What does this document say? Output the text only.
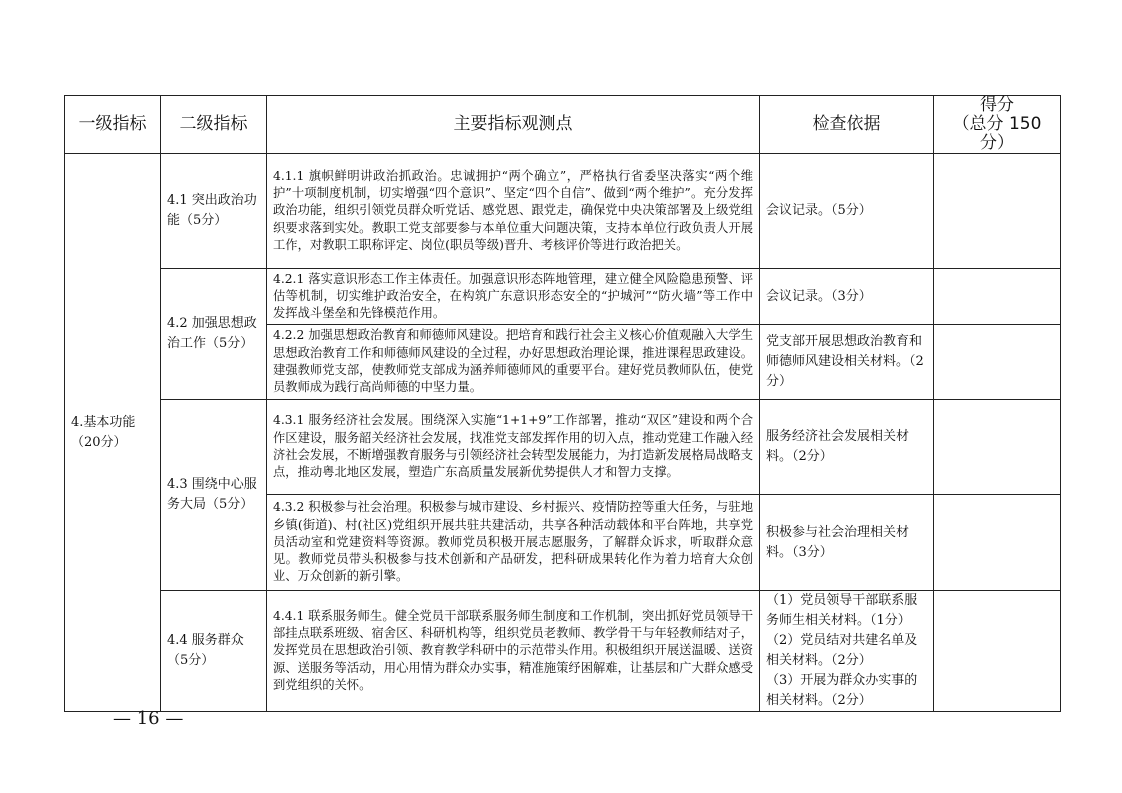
一级指标	二级指标	主要指标观测点	检查依据	得分
（总分 150 分）

4.基本功能（20分）	4.1 突出政治功能（5分）	4.1.1 旗帜鲜明讲政治抓政治。忠诚拥护“两个确立”，严格执行省委坚决落实“两个维护”十项制度机制，切实增强“四个意识”、坚定“四个自信”、做到“两个维护”。充分发挥政治功能，组织引领党员群众听党话、感党恩、跟党走，确保党中央决策部署及上级党组织要求落到实处。教职工党支部要参与本单位重大问题决策，支持本单位行政负责人开展工作，对教职工职称评定、岗位(职员等级)晋升、考核评价等进行政治把关。	会议记录。（5分）	

	4.2 加强思想政治工作（5分）	4.2.1 落实意识形态工作主体责任。加强意识形态阵地管理，建立健全风险隐患预警、评估等机制，切实维护政治安全，在构筑广东意识形态安全的“护城河”“防火墙”等工作中发挥战斗堡垒和先锋模范作用。	会议记录。（3分）	

		4.2.2 加强思想政治教育和师德师风建设。把培育和践行社会主义核心价值观融入大学生思想政治教育工作和师德师风建设的全过程，办好思想政治理论课，推进课程思政建设。建强教师党支部，使教师党支部成为涵养师德师风的重要平台。建好党员教师队伍，使党员教师成为践行高尚师德的中坚力量。	党支部开展思想政治教育和师德师风建设相关材料。（2分）	

	4.3 围绕中心服务大局（5分）	4.3.1 服务经济社会发展。围绕深入实施“1+1+9”工作部署，推动“双区”建设和两个合作区建设，服务韶关经济社会发展，找准党支部发挥作用的切入点，推动党建工作融入经济社会发展，不断增强教育服务与引领经济社会转型发展能力，为打造新发展格局战略支点，推动粤北地区发展，塑造广东高质量发展新优势提供人才和智力支撑。	服务经济社会发展相关材料。（2分）	

		4.3.2 积极参与社会治理。积极参与城市建设、乡村振兴、疫情防控等重大任务，与驻地乡镇(街道)、村(社区)党组织开展共驻共建活动，共享各种活动载体和平台阵地，共享党员活动室和党建资料等资源。教师党员积极开展志愿服务，了解群众诉求，听取群众意见。教师党员带头积极参与技术创新和产品研发，把科研成果转化作为着力培育大众创业、万众创新的新引擎。	积极参与社会治理相关材料。（3分）	

	4.4 服务群众（5分）	4.4.1 联系服务师生。健全党员干部联系服务师生制度和工作机制，突出抓好党员领导干部挂点联系班级、宿舍区、科研机构等，组织党员老教师、教学骨干与年轻教师结对子，发挥党员在思想政治引领、教育教学科研中的示范带头作用。积极组织开展送温暖、送资源、送服务等活动，用心用情为群众办实事，精准施策纾困解难，让基层和广大群众感受到党组织的关怀。	（1）党员领导干部联系服务师生相关材料。（1分）

（2）党员结对共建名单及相关材料。（2分）

（3）开展为群众办实事的相关材料。（2分）	

— 16 —
